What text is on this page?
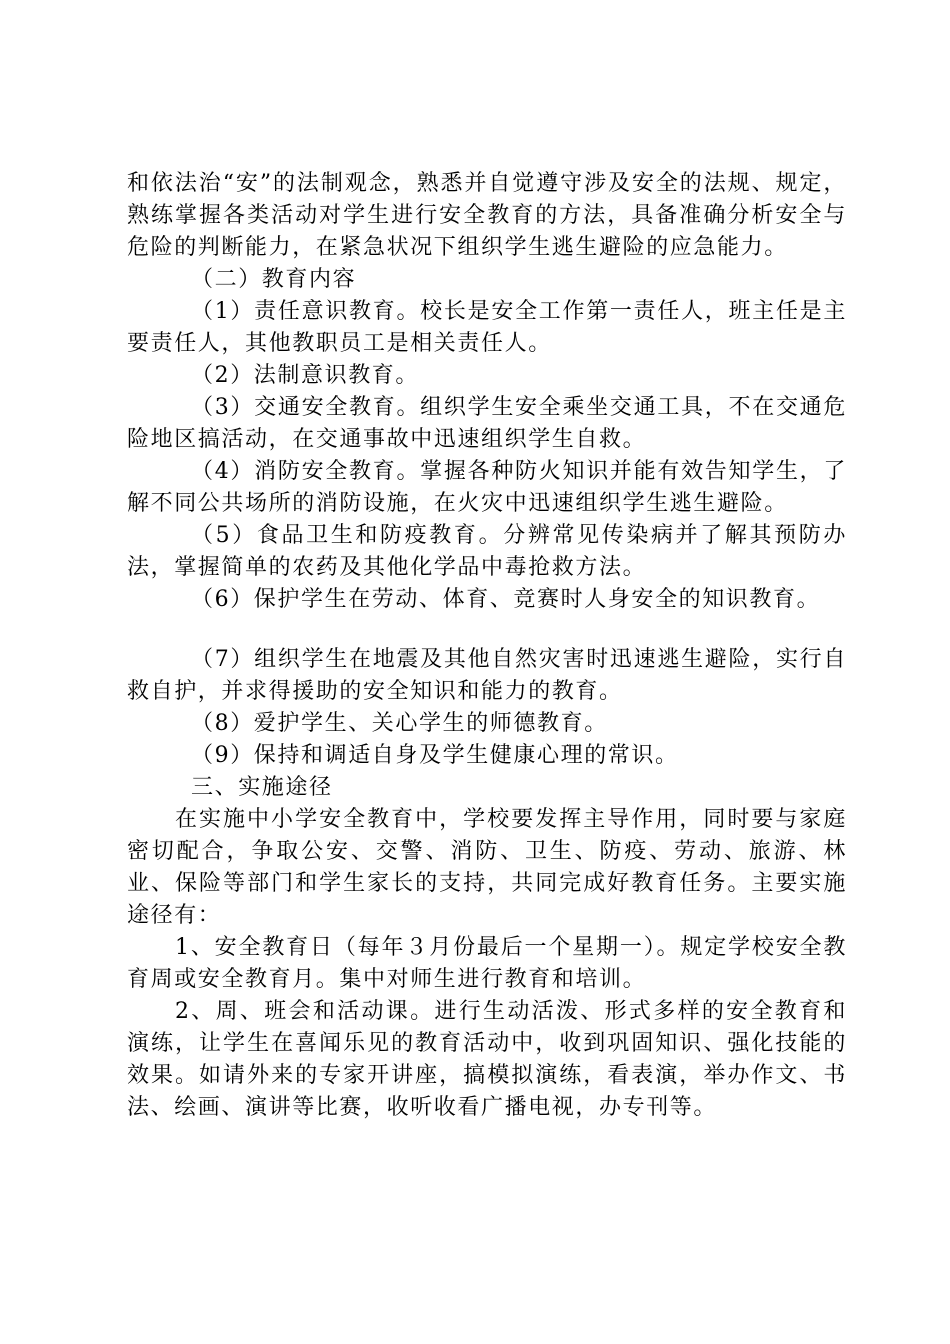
和依法治“安”的法制观念，熟悉并自觉遵守涉及安全的法规、规定，熟练掌握各类活动对学生进行安全教育的方法，具备准确分析安全与危险的判断能力，在紧急状况下组织学生逃生避险的应急能力。

（二）教育内容

（1）责任意识教育。校长是安全工作第一责任人，班主任是主要责任人，其他教职员工是相关责任人。

（2）法制意识教育。

（3）交通安全教育。组织学生安全乘坐交通工具，不在交通危险地区搞活动，在交通事故中迅速组织学生自救。

（4）消防安全教育。掌握各种防火知识并能有效告知学生，了解不同公共场所的消防设施，在火灾中迅速组织学生逃生避险。

（5）食品卫生和防疫教育。分辨常见传染病并了解其预防办法，掌握简单的农药及其他化学品中毒抢救方法。

（6）保护学生在劳动、体育、竞赛时人身安全的知识教育。

（7）组织学生在地震及其他自然灾害时迅速逃生避险，实行自救自护，并求得援助的安全知识和能力的教育。

（8）爱护学生、关心学生的师德教育。

（9）保持和调适自身及学生健康心理的常识。

三、实施途径

在实施中小学安全教育中，学校要发挥主导作用，同时要与家庭密切配合，争取公安、交警、消防、卫生、防疫、劳动、旅游、林业、保险等部门和学生家长的支持，共同完成好教育任务。主要实施途径有：

1、安全教育日（每年３月份最后一个星期一）。规定学校安全教育周或安全教育月。集中对师生进行教育和培训。

2、周、班会和活动课。进行生动活泼、形式多样的安全教育和演练，让学生在喜闻乐见的教育活动中，收到巩固知识、强化技能的效果。如请外来的专家开讲座，搞模拟演练，看表演，举办作文、书法、绘画、演讲等比赛，收听收看广播电视，办专刊等。
